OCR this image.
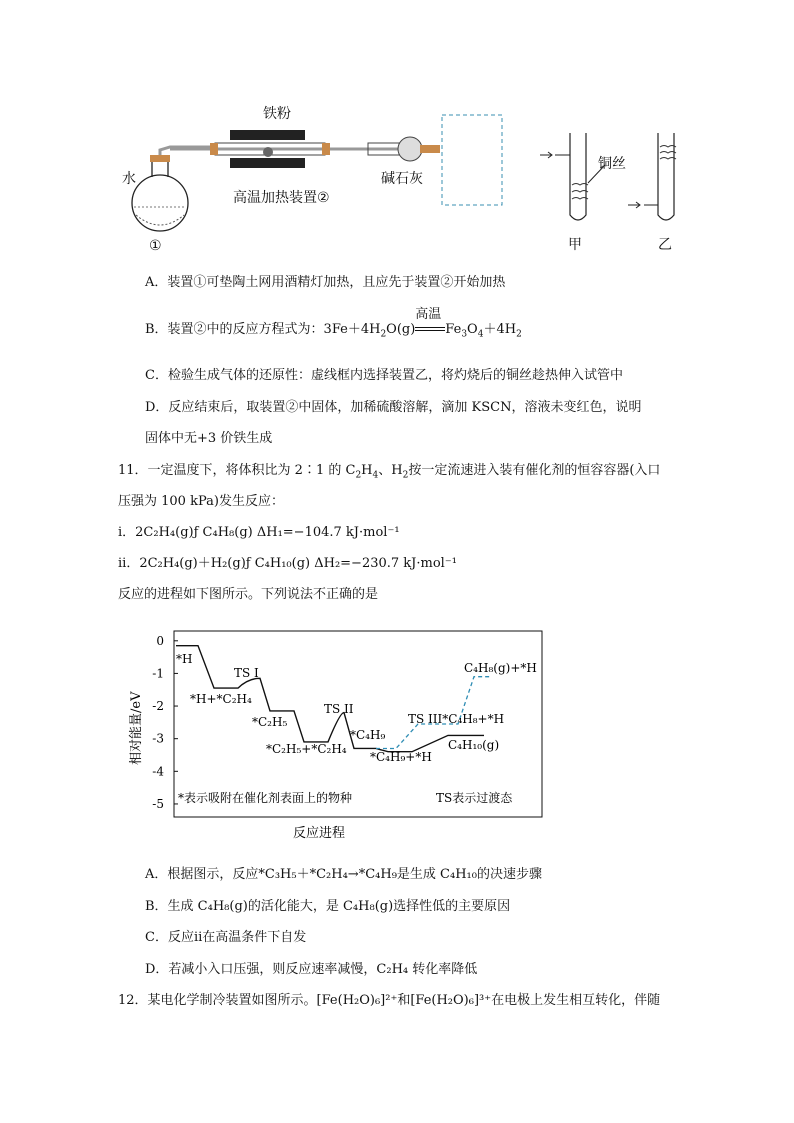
铁粉
水
高温加热装置②
①
碱石灰
铜丝
甲	乙
A．装置①可垫陶土网用酒精灯加热，且应先于装置②开始加热
B．装置②中的反应方程式为：$3Fe+4H_2O(g)$
高温
$Fe_3O_4+4H_2$
C．检验生成气体的还原性：虚线框内选择装置乙，将灼烧后的铜丝趁热伸入试管中
D．反应结束后，取装置②中固体，加稀硫酸溶解，滴加 KSCN，溶液未变红色，说明
固体中无+3 价铁生成
11．一定温度下，将体积比为 2∶1 的 $C_2H_4$、$H_2$按一定流速进入装有催化剂的恒容容器(入口
压强为 100 kPa)发生反应：
ⅰ．2C₂H₄(g)ƒ C₄H₈(g) ΔH₁=−104.7 kJ·mol⁻¹
ⅱ．2C₂H₄(g)＋H₂(g)ƒ C₄H₁₀(g) ΔH₂=−230.7 kJ·mol⁻¹
反应的进程如下图所示。下列说法不正确的是
0
-1
-2
-3
-4
-5
相对能量/eV
*H
*H+*C₂H₄
TS I
*C₂H₅
*C₂H₅+*C₂H₄
TS II
*C₄H₉
*C₄H₉+*H
TS III*C₄H₈+*H
C₄H₁₀(g)
C₄H₈(g)+*H
*表示吸附在催化剂表面上的物种	TS表示过渡态
反应进程
A．根据图示，反应*C₃H₅＋*C₂H₄→*C₄H₉是生成 C₄H₁₀的决速步骤
B．生成 C₄H₈(g)的活化能大，是 C₄H₈(g)选择性低的主要原因
C．反应ⅱ在高温条件下自发
D．若减小入口压强，则反应速率减慢，C₂H₄ 转化率降低
12．某电化学制冷装置如图所示。[Fe(H₂O)₆]²⁺和[Fe(H₂O)₆]³⁺在电极上发生相互转化，伴随
